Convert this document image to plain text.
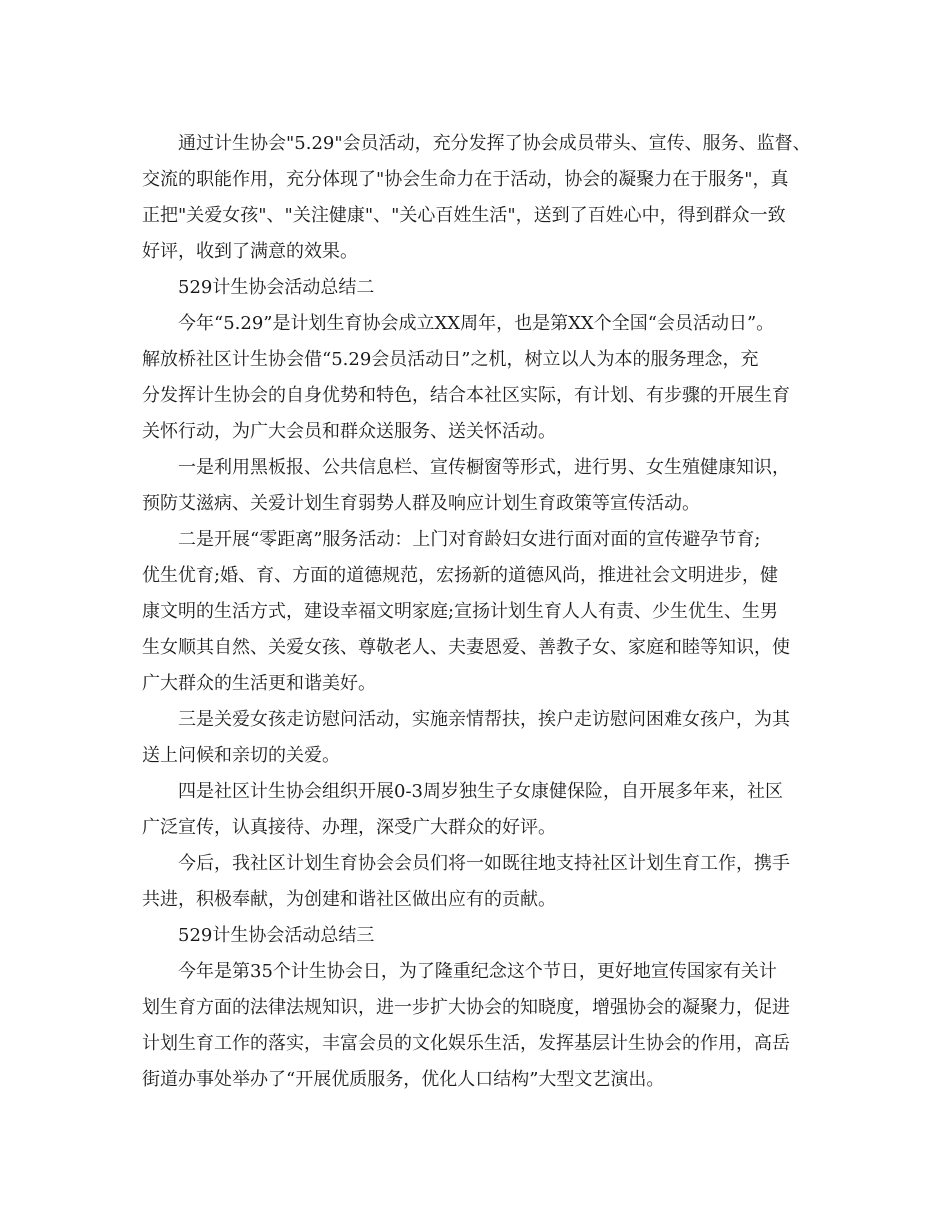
　　通过计生协会"5.29"会员活动，充分发挥了协会成员带头、宣传、服务、监督、
交流的职能作用，充分体现了"协会生命力在于活动，协会的凝聚力在于服务"，真
正把"关爱女孩"、"关注健康"、"关心百姓生活"，送到了百姓心中，得到群众一致
好评，收到了满意的效果。
　　529计生协会活动总结二
　　今年“5.29”是计划生育协会成立XX周年，也是第XX个全国“会员活动日”。
解放桥社区计生协会借“5.29会员活动日”之机，树立以人为本的服务理念，充
分发挥计生协会的自身优势和特色，结合本社区实际，有计划、有步骤的开展生育
关怀行动，为广大会员和群众送服务、送关怀活动。
　　一是利用黑板报、公共信息栏、宣传橱窗等形式，进行男、女生殖健康知识，
预防艾滋病、关爱计划生育弱势人群及响应计划生育政策等宣传活动。
　　二是开展“零距离”服务活动：上门对育龄妇女进行面对面的宣传避孕节育;
优生优育;婚、育、方面的道德规范，宏扬新的道德风尚，推进社会文明进步，健
康文明的生活方式，建设幸福文明家庭;宣扬计划生育人人有责、少生优生、生男
生女顺其自然、关爱女孩、尊敬老人、夫妻恩爱、善教子女、家庭和睦等知识，使
广大群众的生活更和谐美好。
　　三是关爱女孩走访慰问活动，实施亲情帮扶，挨户走访慰问困难女孩户，为其
送上问候和亲切的关爱。
　　四是社区计生协会组织开展0-3周岁独生子女康健保险，自开展多年来，社区
广泛宣传，认真接待、办理，深受广大群众的好评。
　　今后，我社区计划生育协会会员们将一如既往地支持社区计划生育工作，携手
共进，积极奉献，为创建和谐社区做出应有的贡献。
　　529计生协会活动总结三
　　今年是第35个计生协会日，为了隆重纪念这个节日，更好地宣传国家有关计
划生育方面的法律法规知识，进一步扩大协会的知晓度，增强协会的凝聚力，促进
计划生育工作的落实，丰富会员的文化娱乐生活，发挥基层计生协会的作用，高岳
街道办事处举办了“开展优质服务，优化人口结构”大型文艺演出。
